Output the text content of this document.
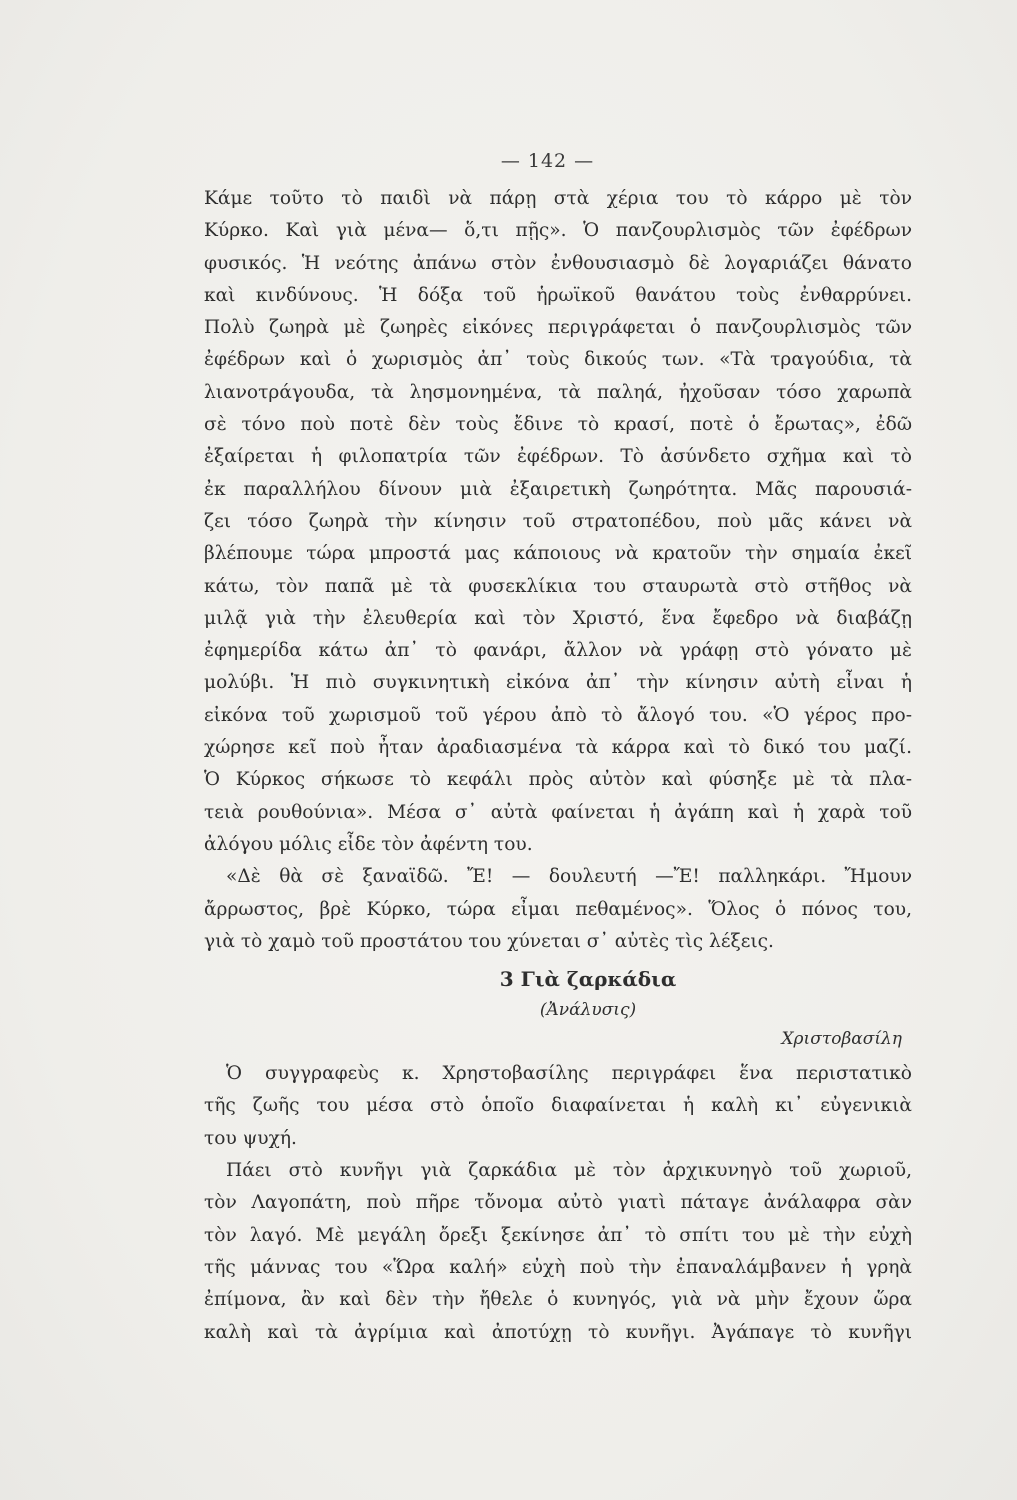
— 142 —
Κάμε τοῦτο τὸ παιδὶ νὰ πάρῃ στὰ χέρια του τὸ κάρρο μὲ τὸν
Κύρκο. Καὶ γιὰ μένα— ὅ,τι πῇς». Ὁ πανζουρλισμὸς τῶν ἐφέδρων
φυσικός. Ἡ νεότης ἀπάνω στὸν ἐνθουσιασμὸ δὲ λογαριάζει θάνατο
καὶ κινδύνους. Ἡ δόξα τοῦ ἡρωϊκοῦ θανάτου τοὺς ἐνθαρρύνει.
Πολὺ ζωηρὰ μὲ ζωηρὲς εἰκόνες περιγράφεται ὁ πανζουρλισμὸς τῶν
ἐφέδρων καὶ ὁ χωρισμὸς ἀπ᾿ τοὺς δικούς των. «Τὰ τραγούδια, τὰ
λιανοτράγουδα, τὰ λησμονημένα, τὰ παληά, ἠχοῦσαν τόσο χαρωπὰ
σὲ τόνο ποὺ ποτὲ δὲν τοὺς ἔδινε τὸ κρασί, ποτὲ ὁ ἔρωτας», ἐδῶ
ἐξαίρεται ἡ φιλοπατρία τῶν ἐφέδρων. Τὸ ἀσύνδετο σχῆμα καὶ τὸ
ἐκ παραλλήλου δίνουν μιὰ ἐξαιρετικὴ ζωηρότητα. Μᾶς παρουσιά-
ζει τόσο ζωηρὰ τὴν κίνησιν τοῦ στρατοπέδου, ποὺ μᾶς κάνει νὰ
βλέπουμε τώρα μπροστά μας κάποιους νὰ κρατοῦν τὴν σημαία ἐκεῖ
κάτω, τὸν παπᾶ μὲ τὰ φυσεκλίκια του σταυρωτὰ στὸ στῆθος νὰ
μιλᾷ γιὰ τὴν ἐλευθερία καὶ τὸν Χριστό, ἕνα ἔφεδρο νὰ διαβάζῃ
ἐφημερίδα κάτω ἀπ᾿ τὸ φανάρι, ἄλλον νὰ γράφῃ στὸ γόνατο μὲ
μολύβι. Ἡ πιὸ συγκινητικὴ εἰκόνα ἀπ᾿ τὴν κίνησιν αὐτὴ εἶναι ἡ
εἰκόνα τοῦ χωρισμοῦ τοῦ γέρου ἀπὸ τὸ ἄλογό του. «Ὁ γέρος προ-
χώρησε κεῖ ποὺ ἦταν ἀραδιασμένα τὰ κάρρα καὶ τὸ δικό του μαζί.
Ὁ Κύρκος σήκωσε τὸ κεφάλι πρὸς αὐτὸν καὶ φύσηξε μὲ τὰ πλα-
τειὰ ρουθούνια». Μέσα σ᾿ αὐτὰ φαίνεται ἡ ἀγάπη καὶ ἡ χαρὰ τοῦ
ἀλόγου μόλις εἶδε τὸν ἀφέντη του.
«Δὲ θὰ σὲ ξαναϊδῶ. Ἔ! — δουλευτή —Ἔ! παλληκάρι. Ἤμουν
ἄρρωστος, βρὲ Κύρκο, τώρα εἶμαι πεθαμένος». Ὅλος ὁ πόνος του,
γιὰ τὸ χαμὸ τοῦ προστάτου του χύνεται σ᾿ αὐτὲς τὶς λέξεις.
3 Γιὰ ζαρκάδια
(Ἀνάλυσις)
Χριστοβασίλη
Ὁ συγγραφεὺς κ. Χρηστοβασίλης περιγράφει ἕνα περιστατικὸ
τῆς ζωῆς του μέσα στὸ ὁποῖο διαφαίνεται ἡ καλὴ κι᾿ εὐγενικιὰ
του ψυχή.
Πάει στὸ κυνῆγι γιὰ ζαρκάδια μὲ τὸν ἀρχικυνηγὸ τοῦ χωριοῦ,
τὸν Λαγοπάτη, ποὺ πῆρε τὄνομα αὐτὸ γιατὶ πάταγε ἀνάλαφρα σὰν
τὸν λαγό. Μὲ μεγάλη ὄρεξι ξεκίνησε ἀπ᾿ τὸ σπίτι του μὲ τὴν εὐχὴ
τῆς μάννας του «Ὥρα καλή» εὐχὴ ποὺ τὴν ἐπαναλάμβανεν ἡ γρηὰ
ἐπίμονα, ἂν καὶ δὲν τὴν ἤθελε ὁ κυνηγός, γιὰ νὰ μὴν ἔχουν ὥρα
καλὴ καὶ τὰ ἀγρίμια καὶ ἀποτύχῃ τὸ κυνῆγι. Ἀγάπαγε τὸ κυνῆγι
